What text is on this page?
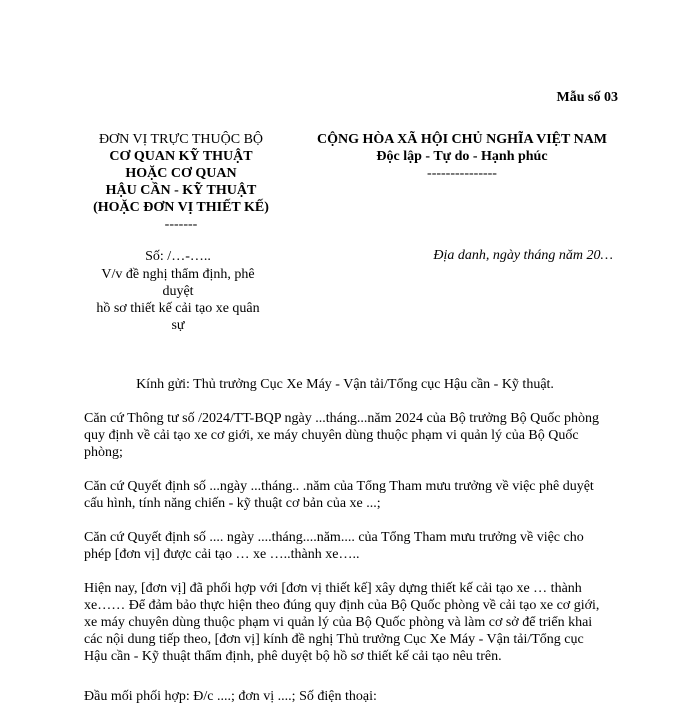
Mẫu số 03
ĐƠN VỊ TRỰC THUỘC BỘ
CƠ QUAN KỸ THUẬT
HOẶC CƠ QUAN
HẬU CẦN - KỸ THUẬT
(HOẶC ĐƠN VỊ THIẾT KẾ)
-------
CỘNG HÒA XÃ HỘI CHỦ NGHĨA VIỆT NAM
Độc lập - Tự do - Hạnh phúc
---------------
Số: /…-…..
V/v đề nghị thẩm định, phê
duyệt
hồ sơ thiết kế cải tạo xe quân
sự
Địa danh, ngày tháng năm 20…

Kính gửi: Thủ trưởng Cục Xe Máy - Vận tải/Tổng cục Hậu cần - Kỹ thuật.

Căn cứ Thông tư số /2024/TT-BQP ngày ...tháng...năm 2024 của Bộ trưởng Bộ Quốc phòng quy định về cải tạo xe cơ giới, xe máy chuyên dùng thuộc phạm vi quản lý của Bộ Quốc phòng;

Căn cứ Quyết định số ...ngày ...tháng.. .năm của Tổng Tham mưu trưởng về việc phê duyệt cấu hình, tính năng chiến - kỹ thuật cơ bản của xe ...;

Căn cứ Quyết định số .... ngày ....tháng....năm.... của Tổng Tham mưu trưởng về việc cho phép [đơn vị] được cải tạo … xe …..thành xe…..

Hiện nay, [đơn vị] đã phối hợp với [đơn vị thiết kế] xây dựng thiết kế cải tạo xe … thành xe…… Để đảm bảo thực hiện theo đúng quy định của Bộ Quốc phòng về cải tạo xe cơ giới, xe máy chuyên dùng thuộc phạm vi quản lý của Bộ Quốc phòng và làm cơ sở để triển khai các nội dung tiếp theo, [đơn vị] kính đề nghị Thủ trưởng Cục Xe Máy - Vận tải/Tổng cục Hậu cần - Kỹ thuật thẩm định, phê duyệt bộ hồ sơ thiết kế cải tạo nêu trên.

Đầu mối phối hợp: Đ/c ....; đơn vị ....; Số điện thoại:
